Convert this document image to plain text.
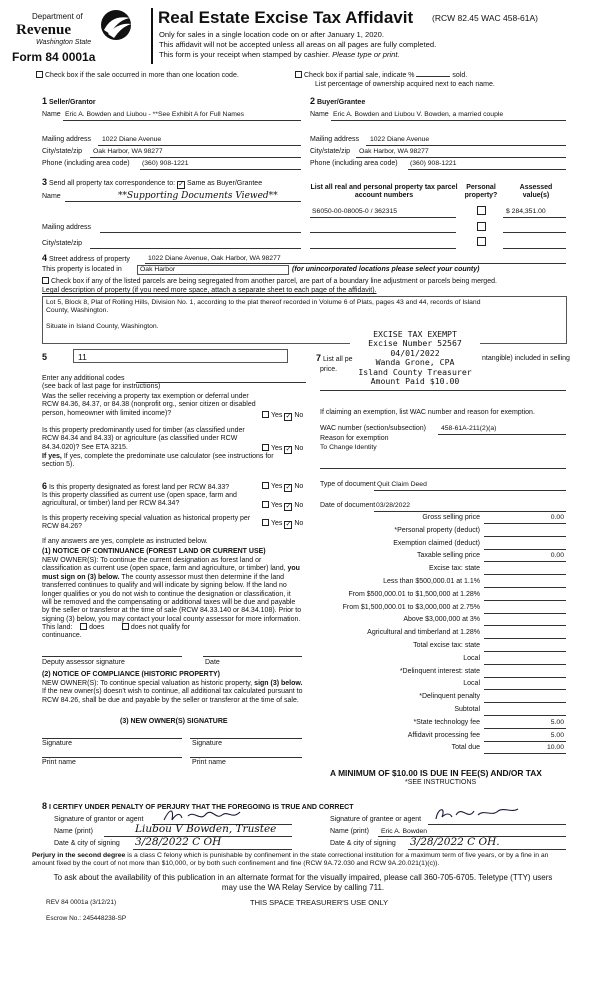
Department of
Revenue
Washington State
Form 84 0001a
Real Estate Excise Tax Affidavit (RCW 82.45 WAC 458-61A)
Only for sales in a single location code on or after January 1, 2020.
This affidavit will not be accepted unless all areas on all pages are fully completed.
This form is your receipt when stamped by cashier. Please type or print.
Check box if the sale occurred in more than one location code.	Check box if partial sale, indicate %	sold.
List percentage of ownership acquired next to each name.
1 Seller/Grantor
Name Eric A. Bowden and Liubou - **See Exhibit A for Full Names
Mailing address 1022 Diane Avenue
City/state/zip Oak Harbor, WA 98277
Phone (including area code) (360) 908-1221
2 Buyer/Grantee
Name Eric A. Bowden and Liubou V. Bowden, a married couple
Mailing address 1022 Diane Avenue
City/state/zip Oak Harbor, WA 98277
Phone (including area code) (360) 908-1221
3 Send all property tax correspondence to: ✓ Same as Buyer/Grantee
Name	**Supporting Documents Viewed**
Mailing address
City/state/zip
List all real and personal property tax parcel account numbers
Personal property?
Assessed value(s)
S6050-00-08005-0 / 362315	$ 284,351.00
4 Street address of property	1022 Diane Avenue, Oak Harbor, WA 98277
This property is located in	Oak Harbor	(for unincorporated locations please select your county)
Check box if any of the listed parcels are being segregated from another parcel, are part of a boundary line adjustment or parcels being merged.
Legal description of property (if you need more space, attach a separate sheet to each page of the affidavit).
Lot 5, Block 8, Plat of Rolling Hills, Division No. 1, according to the plat thereof recorded in Volume 6 of Plats, pages 43 and 44, records of Island County, Washington.
Situate in Island County, Washington.
EXCISE TAX EXEMPT
Excise Number 52567
04/01/2022
Wanda Grone, CPA
Island County Treasurer
Amount Paid $10.00
5	11
Enter any additional codes
(see back of last page for instructions)
Was the seller receiving a property tax exemption or deferral under RCW 84.36, 84.37, or 84.38 (nonprofit org., senior citizen or disabled person, homeowner with limited income)?	Yes ✓ No
Is this property predominantly used for timber (as classified under RCW 84.34 and 84.33) or agriculture (as classified under RCW 84.34.020)? See ETA 3215.	Yes ✓ No
If yes, If yes, complete the predominate use calculator (see instructions for section 5).
7 List all pe	ntangible) included in selling
price.
If claiming an exemption, list WAC number and reason for exemption.
WAC number (section/subsection) 458-61A-211(2)(a)
Reason for exemption
To Change Identity
Type of document Quit Claim Deed
Date of document 03/28/2022
6 Is this property designated as forest land per RCW 84.33?	Yes ✓ No
Is this property classified as current use (open space, farm and agricultural, or timber) land per RCW 84.34?	Yes ✓ No
Is this property receiving special valuation as historical property per RCW 84.26?	Yes ✓ No
If any answers are yes, complete as instructed below.
(1) NOTICE OF CONTINUANCE (FOREST LAND OR CURRENT USE)
NEW OWNER(S): To continue the current designation as forest land or classification as current use (open space, farm and agriculture, or timber) land, you must sign on (3) below. The county assessor must then determine if the land transferred continues to qualify and will indicate by signing below. If the land no longer qualifies or you do not wish to continue the designation or classification, it will be removed and the compensating or additional taxes will be due and payable by the seller or transferor at the time of sale (RCW 84.33.140 or 84.34.108). Prior to signing (3) below, you may contact your local county assessor for more information.
This land: does	does not qualify for
continuance.
Deputy assessor signature	Date
(2) NOTICE OF COMPLIANCE (HISTORIC PROPERTY)
NEW OWNER(S): To continue special valuation as historic property, sign (3) below. If the new owner(s) doesn't wish to continue, all additional tax calculated pursuant to RCW 84.26, shall be due and payable by the seller or transferor at the time of sale.
(3) NEW OWNER(S) SIGNATURE
Signature	Signature
Print name	Print name
Gross selling price	0.00
*Personal property (deduct)
Exemption claimed (deduct)
Taxable selling price	0.00
Excise tax: state
Less than $500,000.01 at 1.1%
From $500,000.01 to $1,500,000 at 1.28%
From $1,500,000.01 to $3,000,000 at 2.75%
Above $3,000,000 at 3%
Agricultural and timberland at 1.28%
Total excise tax: state
Local
*Delinquent interest: state
Local
*Delinquent penalty
Subtotal
*State technology fee	5.00
Affidavit processing fee	5.00
Total due	10.00
A MINIMUM OF $10.00 IS DUE IN FEE(S) AND/OR TAX
*SEE INSTRUCTIONS
8 I CERTIFY UNDER PENALTY OF PERJURY THAT THE FOREGOING IS TRUE AND CORRECT
Signature of grantor or agent
Name (print)	Liubou V Bowden, Trustee
Date & city of signing 3/28/2022 C OH
Signature of grantee or agent
Name (print) Eric A. Bowden
Date & city of signing 3/28/2022 C OH.
Perjury in the second degree is a class C felony which is punishable by confinement in the state correctional institution for a maximum term of five years, or by a fine in an amount fixed by the court of not more than $10,000, or by both such confinement and fine (RCW 9A.72.030 and RCW 9A.20.021(1)(c)).
To ask about the availability of this publication in an alternate format for the visually impaired, please call 360-705-6705. Teletype (TTY) users may use the WA Relay Service by calling 711.
REV 84 0001a (3/12/21)	THIS SPACE TREASURER'S USE ONLY
Escrow No.: 245448238-SP
